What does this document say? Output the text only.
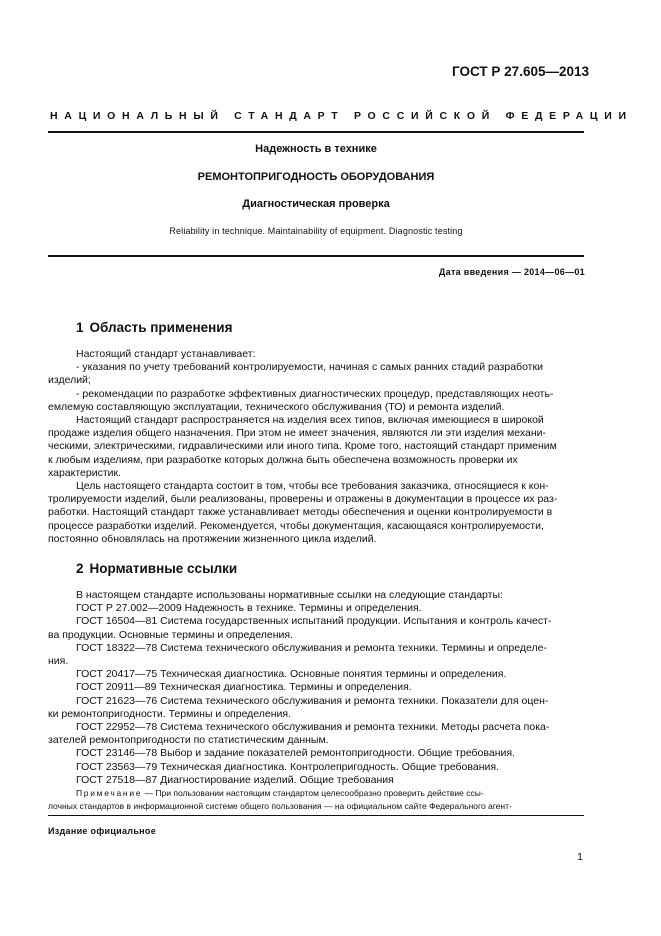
ГОСТ Р 27.605—2013
НАЦИОНАЛЬНЫЙ СТАНДАРТ РОССИЙСКОЙ ФЕДЕРАЦИИ
Надежность в технике
РЕМОНТОПРИГОДНОСТЬ ОБОРУДОВАНИЯ
Диагностическая проверка
Reliability in technique. Maintainability of equipment. Diagnostic testing
Дата введения — 2014—06—01
1 Область применения
Настоящий стандарт устанавливает:
- указания по учету требований контролируемости, начиная с самых ранних стадий разработки
изделий;
- рекомендации по разработке эффективных диагностических процедур, представляющих неоть-
емлемую составляющую эксплуатации, технического обслуживания (ТО) и ремонта изделий.
Настоящий стандарт распространяется на изделия всех типов, включая имеющиеся в широкой
продаже изделия общего назначения. При этом не имеет значения, являются ли эти изделия механи-
ческими, электрическими, гидравлическими или иного типа. Кроме того, настоящий стандарт применим
к любым изделиям, при разработке которых должна быть обеспечена возможность проверки их
характеристик.
Цель настоящего стандарта состоит в том, чтобы все требования заказчика, относящиеся к кон-
тролируемости изделий, были реализованы, проверены и отражены в документации в процессе их раз-
работки. Настоящий стандарт также устанавливает методы обеспечения и оценки контролируемости в
процессе разработки изделий. Рекомендуется, чтобы документация, касающаяся контролируемости,
постоянно обновлялась на протяжении жизненного цикла изделий.
2 Нормативные ссылки
В настоящем стандарте использованы нормативные ссылки на следующие стандарты:
ГОСТ Р 27.002—2009 Надежность в технике. Термины и определения.
ГОСТ 16504—81 Система государственных испытаний продукции. Испытания и контроль качест-
ва продукции. Основные термины и определения.
ГОСТ 18322—78 Система технического обслуживания и ремонта техники. Термины и определе-
ния.
ГОСТ 20417—75 Техническая диагностика. Основные понятия термины и определения.
ГОСТ 20911—89 Техническая диагностика. Термины и определения.
ГОСТ 21623—76 Система технического обслуживания и ремонта техники. Показатели для оцен-
ки ремонтопригодности. Термины и определения.
ГОСТ 22952—78 Система технического обслуживания и ремонта техники. Методы расчета пока-
зателей ремонтопригодности по статистическим данным.
ГОСТ 23146—78 Выбор и задание показателей ремонтопригодности. Общие требования.
ГОСТ 23563—79 Техническая диагностика. Контролепригодность. Общие требования.
ГОСТ 27518—87 Диагностирование изделий. Общие требования
Примечание — При пользовании настоящим стандартом целесообразно проверить действие ссы-
лочных стандартов в информационной системе общего пользования — на официальном сайте Федерального агент-
Издание официальное
1
